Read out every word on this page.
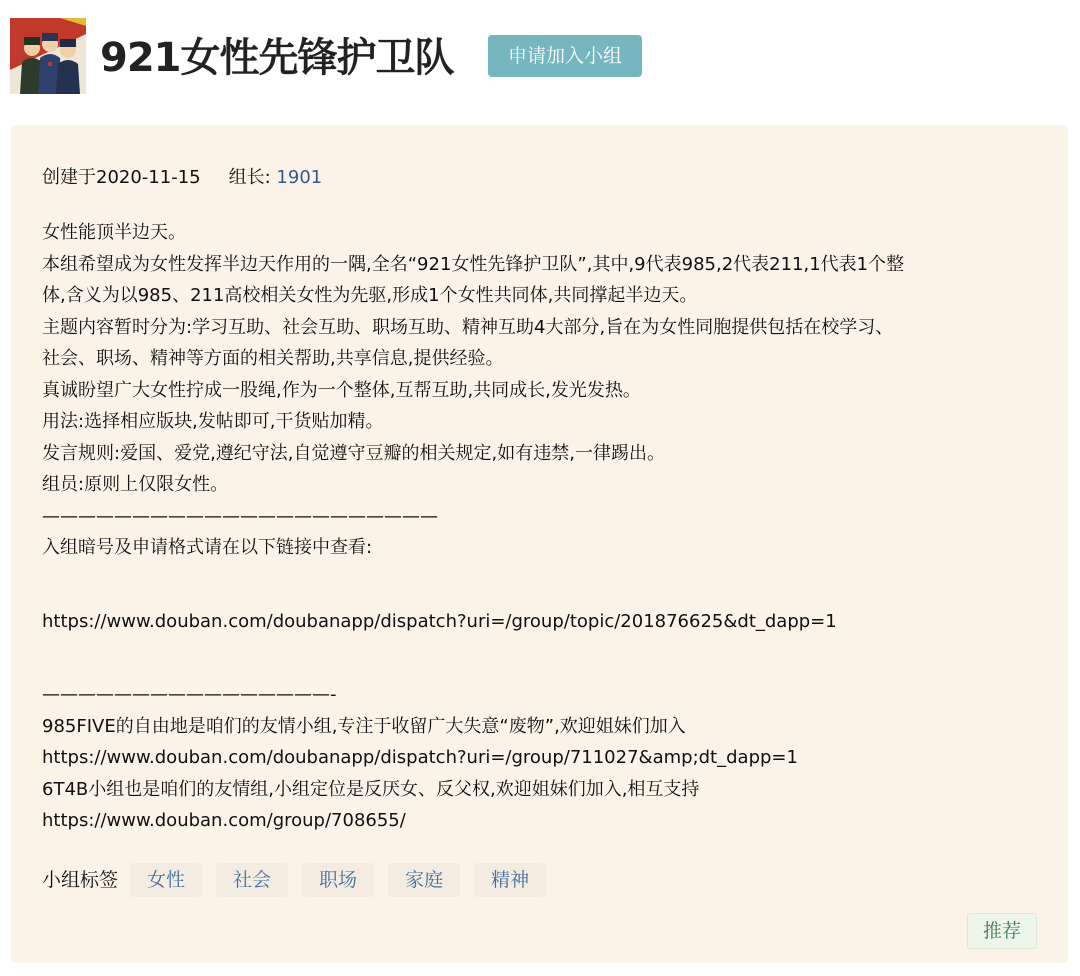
921女性先锋护卫队	申请加入小组
创建于2020-11-15 组长: 1901
女性能顶半边天。
本组希望成为女性发挥半边天作用的一隅,全名“921女性先锋护卫队”,其中,9代表985,2代表211,1代表1个整
体,含义为以985、211高校相关女性为先驱,形成1个女性共同体,共同撑起半边天。
主题内容暂时分为:学习互助、社会互助、职场互助、精神互助4大部分,旨在为女性同胞提供包括在校学习、
社会、职场、精神等方面的相关帮助,共享信息,提供经验。
真诚盼望广大女性拧成一股绳,作为一个整体,互帮互助,共同成长,发光发热。
用法:选择相应版块,发帖即可,干货贴加精。
发言规则:爱国、爱党,遵纪守法,自觉遵守豆瓣的相关规定,如有违禁,一律踢出。
组员:原则上仅限女性。
——————————————————————
入组暗号及申请格式请在以下链接中查看:
https://www.douban.com/doubanapp/dispatch?uri=/group/topic/201876625&dt_dapp=1
————————————————-
985FIVE的自由地是咱们的友情小组,专注于收留广大失意“废物”,欢迎姐妹们加入
https://www.douban.com/doubanapp/dispatch?uri=/group/711027&amp;dt_dapp=1
6T4B小组也是咱们的友情组,小组定位是反厌女、反父权,欢迎姐妹们加入,相互支持
https://www.douban.com/group/708655/
小组标签 女性	社会	职场	家庭	精神
推荐
